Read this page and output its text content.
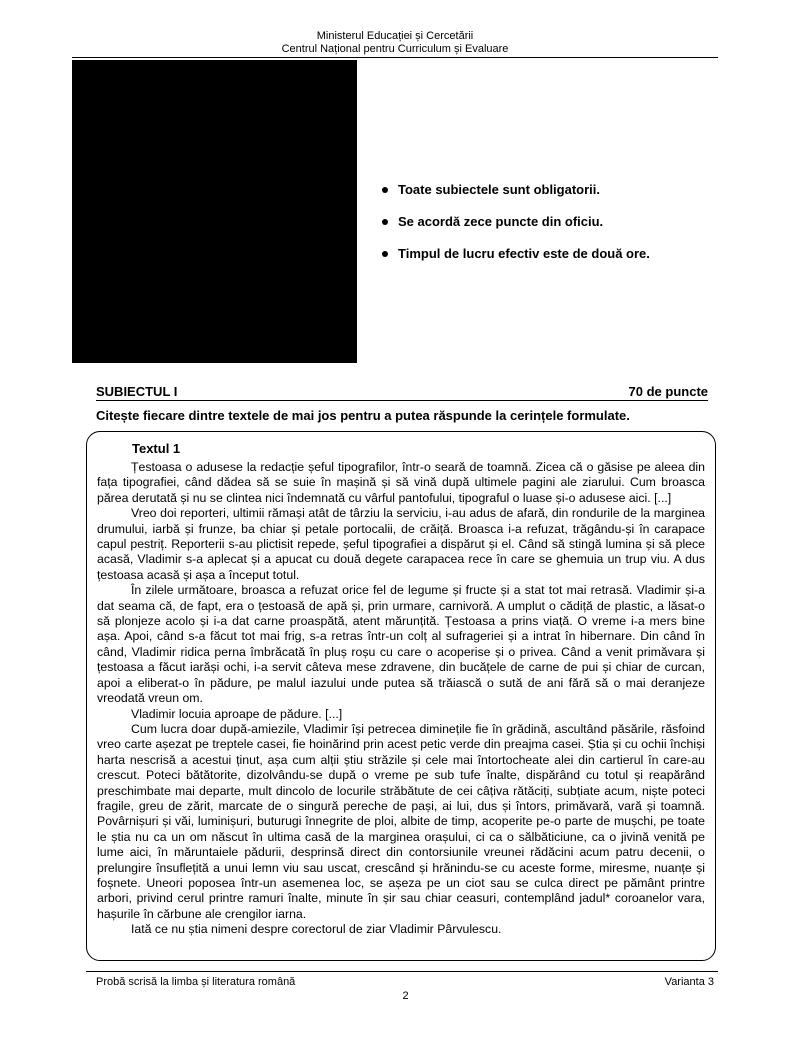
Ministerul Educației și Cercetării
Centrul Național pentru Curriculum și Evaluare
Toate subiectele sunt obligatorii.
Se acordă zece puncte din oficiu.
Timpul de lucru efectiv este de două ore.
SUBIECTUL I	70 de puncte
Citește fiecare dintre textele de mai jos pentru a putea răspunde la cerințele formulate.
Textul 1

Țestoasa o adusese la redacție șeful tipografilor, într-o seară de toamnă. Zicea că o găsise pe aleea din fața tipografiei, când dădea să se suie în mașină și să vină după ultimele pagini ale ziarului. Cum broasca părea derutată și nu se clintea nici îndemnată cu vârful pantofului, tipograful o luase și-o adusese aici. [...]

Vreo doi reporteri, ultimii rămași atât de târziu la serviciu, i-au adus de afară, din rondurile de la marginea drumului, iarbă și frunze, ba chiar și petale portocalii, de crăiță. Broasca i-a refuzat, trăgându-și în carapace capul pestriț. Reporterii s-au plictisit repede, șeful tipografiei a dispărut și el. Când să stingă lumina și să plece acasă, Vladimir s-a aplecat și a apucat cu două degete carapacea rece în care se ghemuia un trup viu. A dus țestoasa acasă și așa a început totul.

În zilele următoare, broasca a refuzat orice fel de legume și fructe și a stat tot mai retrasă. Vladimir și-a dat seama că, de fapt, era o țestoasă de apă și, prin urmare, carnivoră. A umplut o cădiță de plastic, a lăsat-o să plonjeze acolo și i-a dat carne proaspătă, atent mărunțită. Țestoasa a prins viață. O vreme i-a mers bine așa. Apoi, când s-a făcut tot mai frig, s-a retras într-un colț al sufrageriei și a intrat în hibernare. Din când în când, Vladimir ridica perna îmbrăcată în pluș roșu cu care o acoperise și o privea. Când a venit primăvara și țestoasa a făcut iarăși ochi, i-a servit câteva mese zdravene, din bucățele de carne de pui și chiar de curcan, apoi a eliberat-o în pădure, pe malul iazului unde putea să trăiască o sută de ani fără să o mai deranjeze vreodată vreun om.

Vladimir locuia aproape de pădure. [...]

Cum lucra doar după-amiezile, Vladimir își petrecea diminețile fie în grădină, ascultând păsările, răsfoind vreo carte așezat pe treptele casei, fie hoinărind prin acest petic verde din preajma casei. Știa și cu ochii închiși harta nescrisă a acestui ținut, așa cum alții știu străzile și cele mai întortocheate alei din cartierul în care-au crescut. Poteci bătătorite, dizolvându-se după o vreme pe sub tufe înalte, dispărând cu totul și reapărând preschimbate mai departe, mult dincolo de locurile străbătute de cei câțiva rătăciți, subțiate acum, niște poteci fragile, greu de zărit, marcate de o singură pereche de pași, ai lui, dus și întors, primăvară, vară și toamnă. Povârnișuri și văi, luminișuri, buturugi înnegrite de ploi, albite de timp, acoperite pe-o parte de mușchi, pe toate le știa nu ca un om născut în ultima casă de la marginea orașului, ci ca o sălbăticiune, ca o jivină venită pe lume aici, în măruntaiele pădurii, desprinsă direct din contorsiunile vreunei rădăcini acum patru decenii, o prelungire însuflețită a unui lemn viu sau uscat, crescând și hrănindu-se cu aceste forme, miresme, nuanțe și foșnete. Uneori poposea într-un asemenea loc, se așeza pe un ciot sau se culca direct pe pământ printre arbori, privind cerul printre ramuri înalte, minute în șir sau chiar ceasuri, contemplând jadul* coroanelor vara, hașurile în cărbune ale crengilor iarna.

Iată ce nu știa nimeni despre corectorul de ziar Vladimir Pârvulescu.

Probă scrisă la limba și literatura română	Varianta 3
2
